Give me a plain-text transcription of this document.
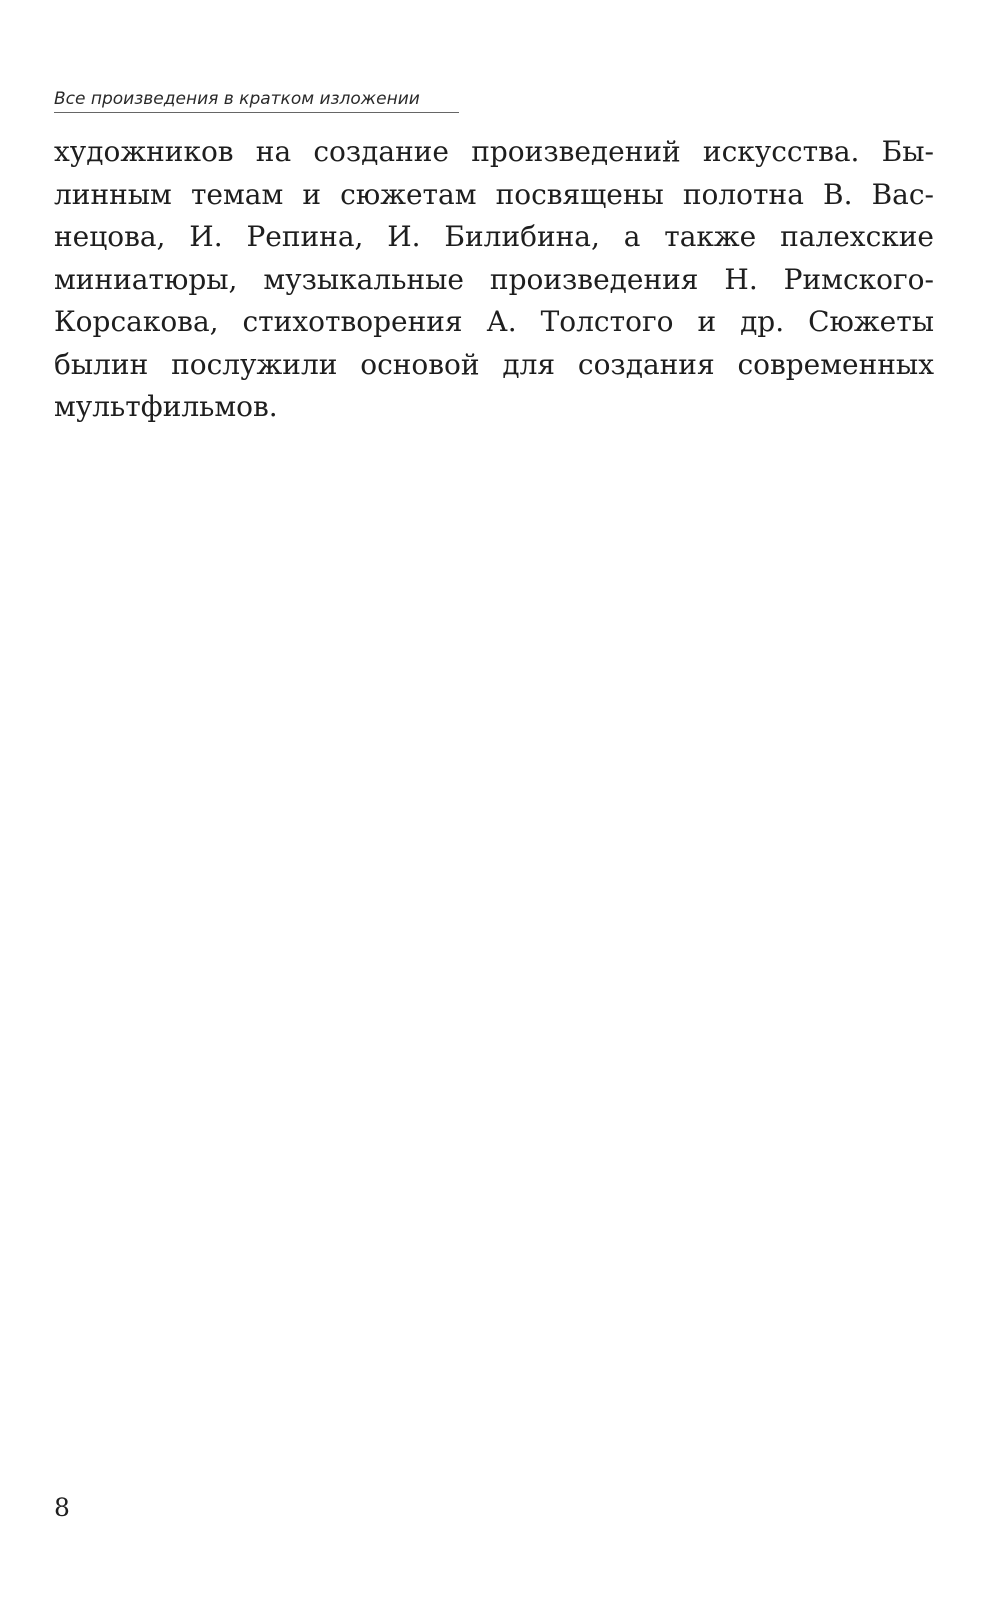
Все произведения в кратком изложении
художников на создание произведений искусства. Бы-
линным темам и сюжетам посвящены полотна В. Вас-
нецова, И. Репина, И. Билибина, а также палехские
миниатюры, музыкальные произведения Н. Римского-
Корсакова, стихотворения А. Толстого и др. Сюжеты
былин послужили основой для создания современных
мультфильмов.
8
